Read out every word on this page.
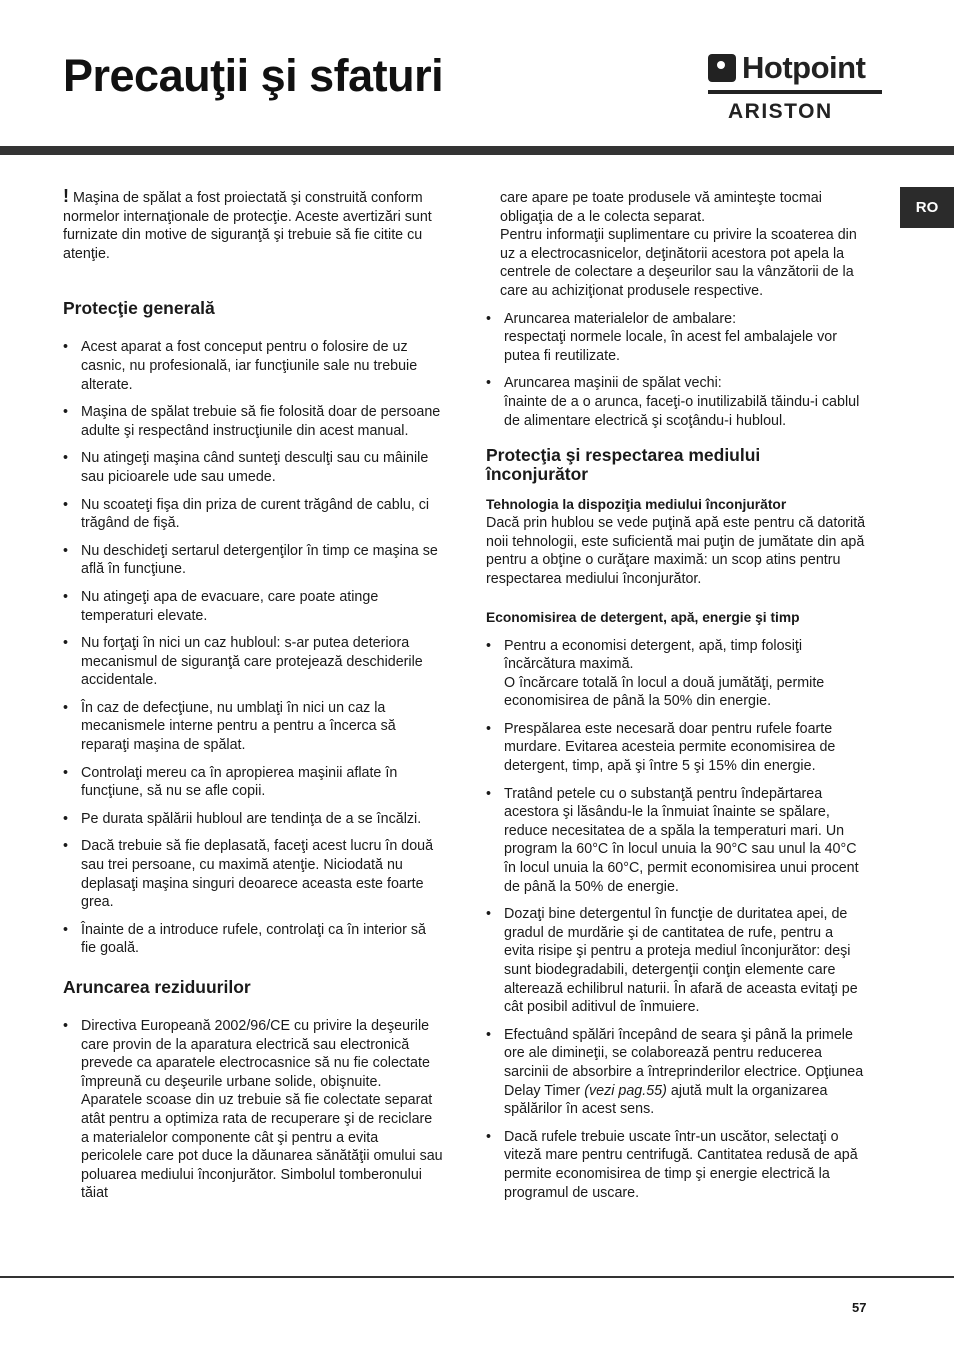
Precauţii şi sfaturi	Hotpoint
ARISTON
RO

! Maşina de spălat a fost proiectată şi construită conform normelor internaţionale de protecţie. Aceste avertizări sunt furnizate din motive de siguranţă şi trebuie să fie citite cu atenţie.

Protecţie generală
• Acest aparat a fost conceput pentru o folosire de uz casnic, nu profesională, iar funcţiunile sale nu trebuie alterate.
• Maşina de spălat trebuie să fie folosită doar de persoane adulte şi respectând instrucţiunile din acest manual.
• Nu atingeţi maşina când sunteţi desculţi sau cu mâinile sau picioarele ude sau umede.
• Nu scoateţi fişa din priza de curent trăgând de cablu, ci trăgând de fişă.
• Nu deschideţi sertarul detergenţilor în timp ce maşina se află în funcţiune.
• Nu atingeţi apa de evacuare, care poate atinge temperaturi elevate.
• Nu forţaţi în nici un caz hubloul: s-ar putea deteriora mecanismul de siguranţă care protejează deschiderile accidentale.
• În caz de defecţiune, nu umblaţi în nici un caz la mecanismele interne pentru a pentru a încerca să reparaţi maşina de spălat.
• Controlaţi mereu ca în apropierea maşinii aflate în funcţiune, să nu se afle copii.
• Pe durata spălării hubloul are tendinţa de a se încălzi.
• Dacă trebuie să fie deplasată, faceţi acest lucru în două sau trei persoane, cu maximă atenţie. Niciodată nu deplasaţi maşina singuri deoarece aceasta este foarte grea.
• Înainte de a introduce rufele, controlaţi ca în interior să fie goală.
Aruncarea reziduurilor
• Directiva Europeană 2002/96/CE cu privire la deşeurile care provin de la aparatura electrică sau electronică prevede ca aparatele electrocasnice să nu fie colectate împreună cu deşeurile urbane solide, obişnuite. Aparatele scoase din uz trebuie să fie colectate separat atât pentru a optimiza rata de recuperare şi de reciclare a materialelor componente cât şi pentru a evita pericolele care pot duce la dăunarea sănătăţii omului sau poluarea mediului înconjurător. Simbolul tomberonului tăiat

care apare pe toate produsele vă aminteşte tocmai obligaţia de a le colecta separat.

Pentru informaţii suplimentare cu privire la scoaterea din uz a electrocasnicelor, deţinătorii acestora pot apela la centrele de colectare a deşeurilor sau la vânzătorii de la care au achiziţionat produsele respective.

• Aruncarea materialelor de ambalare:
respectaţi normele locale, în acest fel ambalajele vor putea fi reutilizate.
• Aruncarea maşinii de spălat vechi:
înainte de a o arunca, faceţi-o inutilizabilă tăindu-i cablul de alimentare electrică şi scoţându-i hubloul.
Protecţia şi respectarea mediului înconjurător
Tehnologia la dispoziţia mediului înconjurător

Dacă prin hublou se vede puţină apă este pentru că datorită noii tehnologii, este suficientă mai puţin de jumătate din apă pentru a obţine o curăţare maximă: un scop atins pentru respectarea mediului înconjurător.

Economisirea de detergent, apă, energie şi timp
• Pentru a economisi detergent, apă, timp folosiţi încărcătura maximă.
O încărcare totală în locul a două jumătăţi, permite economisirea de până la 50% din energie.
• Prespălarea este necesară doar pentru rufele foarte murdare. Evitarea acesteia permite economisirea de detergent, timp, apă şi între 5 şi 15% din energie.
• Tratând petele cu o substanţă pentru îndepărtarea acestora şi lăsându-le la înmuiat înainte se spălare, reduce necesitatea de a spăla la temperaturi mari. Un program la 60°C în locul unuia la 90°C sau unul la 40°C în locul unuia la 60°C, permit economisirea unui procent de până la 50% de energie.
• Dozaţi bine detergentul în funcţie de duritatea apei, de gradul de murdărie şi de cantitatea de rufe, pentru a evita risipe şi pentru a proteja mediul înconjurător: deşi sunt biodegradabili, detergenţii conţin elemente care alterează echilibrul naturii. În afară de aceasta evitaţi pe cât posibil aditivul de înmuiere.
• Efectuând spălări începând de seara şi până la primele ore ale dimineţii, se colaborează pentru reducerea sarcinii de absorbire a întreprinderilor electrice. Opţiunea Delay Timer (vezi pag.55) ajută mult la organizarea spălărilor în acest sens.
• Dacă rufele trebuie uscate într-un uscător, selectaţi o viteză mare pentru centrifugă. Cantitatea redusă de apă permite economisirea de timp şi energie electrică la programul de uscare.
57
